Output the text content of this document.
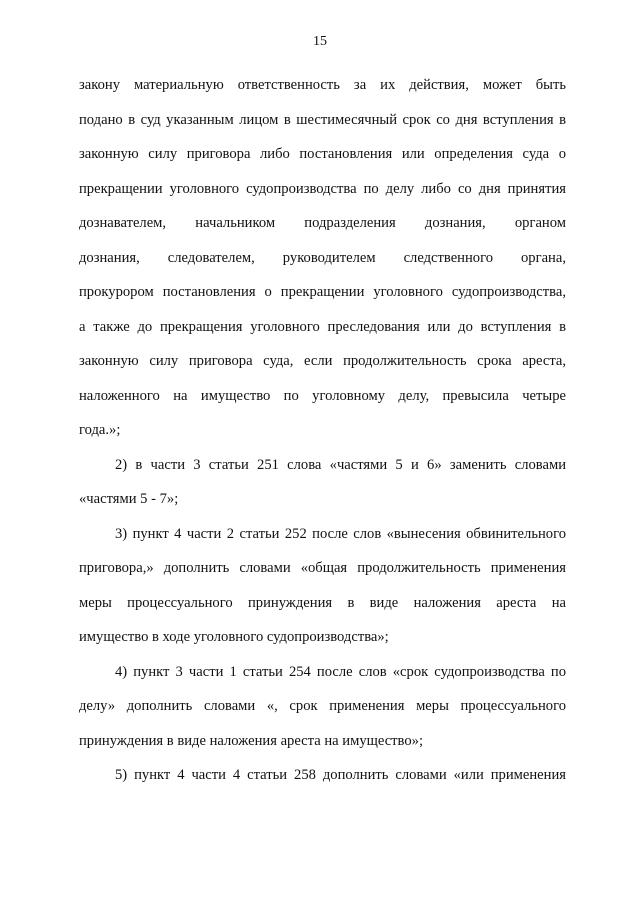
15
закону материальную ответственность за их действия, может быть
подано в суд указанным лицом в шестимесячный срок со дня вступления в
законную силу приговора либо постановления или определения суда о
прекращении уголовного судопроизводства по делу либо со дня принятия
дознавателем, начальником подразделения дознания, органом
дознания, следователем, руководителем следственного органа,
прокурором постановления о прекращении уголовного судопроизводства,
а также до прекращения уголовного преследования или до вступления в
законную силу приговора суда, если продолжительность срока ареста,
наложенного на имущество по уголовному делу, превысила четыре
года.»;
2) в части 3 статьи 251 слова «частями 5 и 6» заменить словами
«частями 5 - 7»;
3) пункт 4 части 2 статьи 252 после слов «вынесения обвинительного
приговора,» дополнить словами «общая продолжительность применения
меры процессуального принуждения в виде наложения ареста на
имущество в ходе уголовного судопроизводства»;
4) пункт 3 части 1 статьи 254 после слов «срок судопроизводства по
делу» дополнить словами «, срок применения меры процессуального
принуждения в виде наложения ареста на имущество»;
5) пункт 4 части 4 статьи 258 дополнить словами «или применения
